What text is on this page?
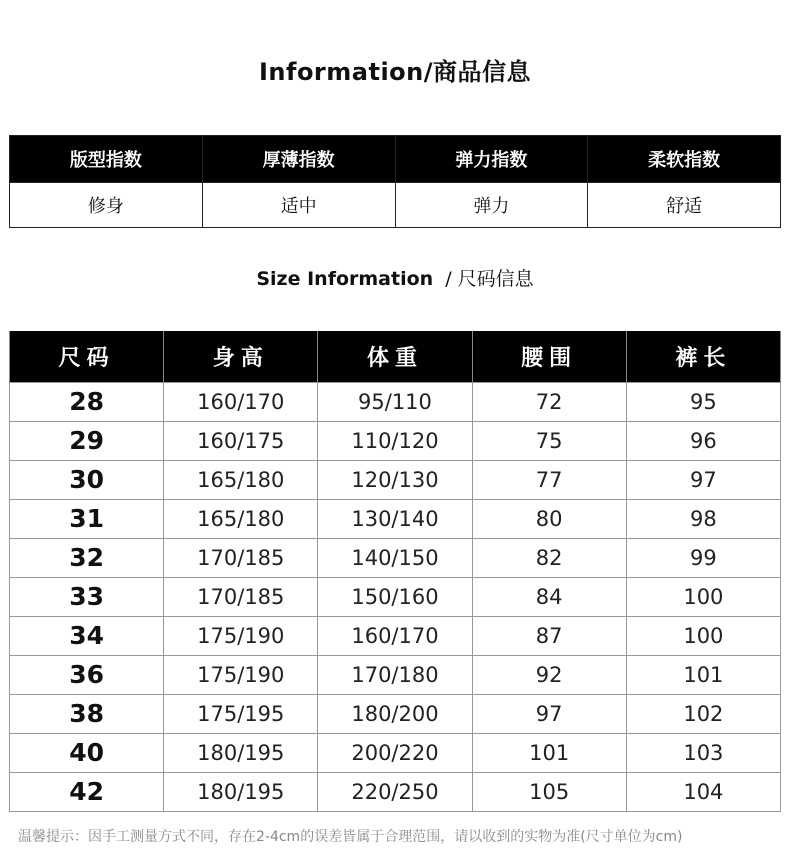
Information/商品信息
版型指数	厚薄指数	弹力指数	柔软指数
修身	适中	弹力	舒适
Size Information / 尺码信息
尺码	身高	体重	腰围	裤长
28	160/170	95/110	72	95
29	160/175	110/120	75	96
30	165/180	120/130	77	97
31	165/180	130/140	80	98
32	170/185	140/150	82	99
33	170/185	150/160	84	100
34	175/190	160/170	87	100
36	175/190	170/180	92	101
38	175/195	180/200	97	102
40	180/195	200/220	101	103
42	180/195	220/250	105	104
温馨提示：因手工测量方式不同，存在2-4cm的误差皆属于合理范围，请以收到的实物为准(尺寸单位为cm)
